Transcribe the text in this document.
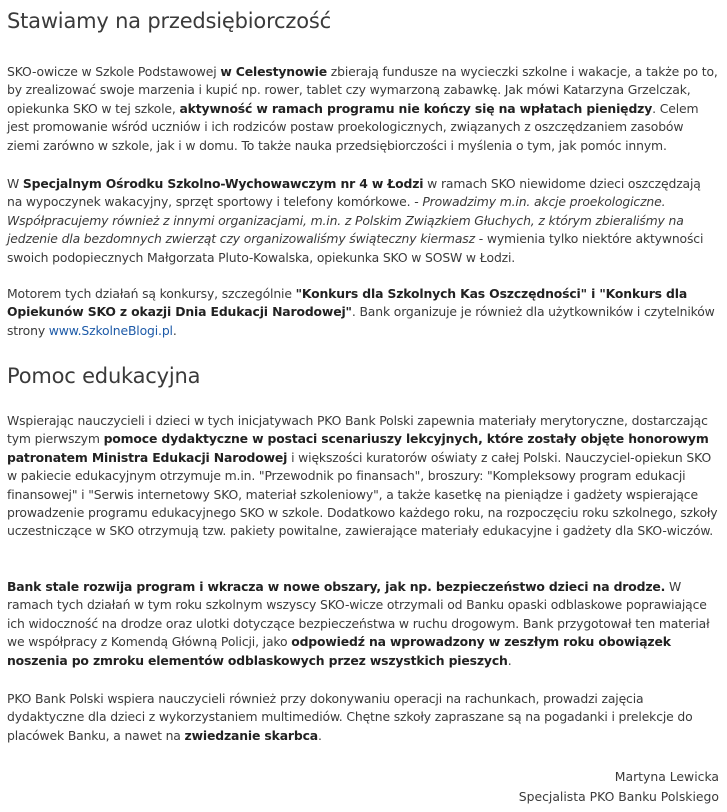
Stawiamy na przedsiębiorczość

SKO-owicze w Szkole Podstawowej w Celestynowie zbierają fundusze na wycieczki szkolne i wakacje, a także po to, by zrealizować swoje marzenia i kupić np. rower, tablet czy wymarzoną zabawkę. Jak mówi Katarzyna Grzelczak, opiekunka SKO w tej szkole, aktywność w ramach programu nie kończy się na wpłatach pieniędzy. Celem jest promowanie wśród uczniów i ich rodziców postaw proekologicznych, związanych z oszczędzaniem zasobów ziemi zarówno w szkole, jak i w domu. To także nauka przedsiębiorczości i myślenia o tym, jak pomóc innym.

W Specjalnym Ośrodku Szkolno-Wychowawczym nr 4 w Łodzi w ramach SKO niewidome dzieci oszczędzają na wypoczynek wakacyjny, sprzęt sportowy i telefony komórkowe. - Prowadzimy m.in. akcje proekologiczne. Współpracujemy również z innymi organizacjami, m.in. z Polskim Związkiem Głuchych, z którym zbieraliśmy na jedzenie dla bezdomnych zwierząt czy organizowaliśmy świąteczny kiermasz - wymienia tylko niektóre aktywności swoich podopiecznych Małgorzata Pluto-Kowalska, opiekunka SKO w SOSW w Łodzi.

Motorem tych działań są konkursy, szczególnie "Konkurs dla Szkolnych Kas Oszczędności" i "Konkurs dla Opiekunów SKO z okazji Dnia Edukacji Narodowej". Bank organizuje je również dla użytkowników i czytelników strony www.SzkolneBlogi.pl.

Pomoc edukacyjna

Wspierając nauczycieli i dzieci w tych inicjatywach PKO Bank Polski zapewnia materiały merytoryczne, dostarczając tym pierwszym pomoce dydaktyczne w postaci scenariuszy lekcyjnych, które zostały objęte honorowym patronatem Ministra Edukacji Narodowej i większości kuratorów oświaty z całej Polski. Nauczyciel-opiekun SKO w pakiecie edukacyjnym otrzymuje m.in. "Przewodnik po finansach", broszury: "Kompleksowy program edukacji finansowej" i "Serwis internetowy SKO, materiał szkoleniowy", a także kasetkę na pieniądze i gadżety wspierające prowadzenie programu edukacyjnego SKO w szkole. Dodatkowo każdego roku, na rozpoczęciu roku szkolnego, szkoły uczestniczące w SKO otrzymują tzw. pakiety powitalne, zawierające materiały edukacyjne i gadżety dla SKO-wiczów.

Bank stale rozwija program i wkracza w nowe obszary, jak np. bezpieczeństwo dzieci na drodze. W ramach tych działań w tym roku szkolnym wszyscy SKO-wicze otrzymali od Banku opaski odblaskowe poprawiające ich widoczność na drodze oraz ulotki dotyczące bezpieczeństwa w ruchu drogowym. Bank przygotował ten materiał we współpracy z Komendą Główną Policji, jako odpowiedź na wprowadzony w zeszłym roku obowiązek noszenia po zmroku elementów odblaskowych przez wszystkich pieszych.

PKO Bank Polski wspiera nauczycieli również przy dokonywaniu operacji na rachunkach, prowadzi zajęcia dydaktyczne dla dzieci z wykorzystaniem multimediów. Chętne szkoły zapraszane są na pogadanki i prelekcje do placówek Banku, a nawet na zwiedzanie skarbca.

Martyna Lewicka
Specjalista PKO Banku Polskiego
